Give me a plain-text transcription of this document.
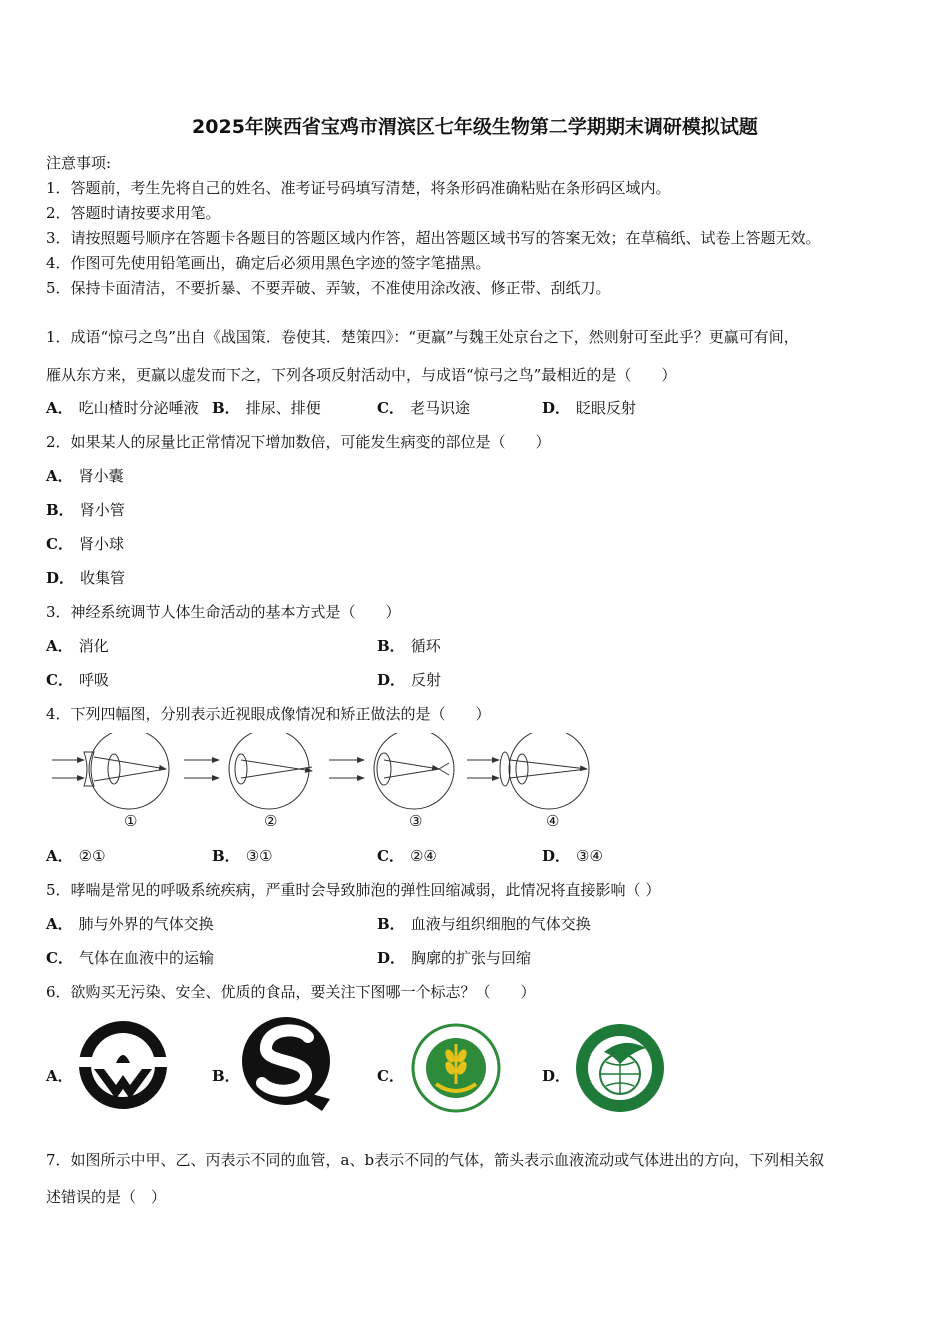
2025年陕西省宝鸡市渭滨区七年级生物第二学期期末调研模拟试题
注意事项:
1．答题前，考生先将自己的姓名、准考证号码填写清楚，将条形码准确粘贴在条形码区域内。
2．答题时请按要求用笔。
3．请按照题号顺序在答题卡各题目的答题区域内作答，超出答题区域书写的答案无效；在草稿纸、试卷上答题无效。
4．作图可先使用铅笔画出，确定后必须用黑色字迹的签字笔描黑。
5．保持卡面清洁，不要折暴、不要弄破、弄皱，不准使用涂改液、修正带、刮纸刀。
1．成语“惊弓之鸟”出自《战国策．卷使其．楚策四》：“更赢”与魏王处京台之下，然则射可至此乎？更赢可有间，
雁从东方来，更赢以虚发而下之，下列各项反射活动中，与成语“惊弓之鸟”最相近的是（　　）
A． 吃山楂时分泌唾液 B． 排尿、排便	C． 老马识途	D． 眨眼反射
2．如果某人的尿量比正常情况下增加数倍，可能发生病变的部位是（　　）
A． 肾小囊
B． 肾小管
C． 肾小球
D． 收集管
3．神经系统调节人体生命活动的基本方式是（　　）
A． 消化	B． 循环
C． 呼吸	D． 反射
4．下列四幅图，分别表示近视眼成像情况和矫正做法的是（　　）
①	②	③	④
A． ②①	B． ③①	C． ②④	D． ③④
5．哮喘是常见的呼吸系统疾病，严重时会导致肺泡的弹性回缩减弱，此情况将直接影响（ ）
A． 肺与外界的气体交换	B． 血液与组织细胞的气体交换
C． 气体在血液中的运输	D． 胸廓的扩张与回缩
6．欲购买无污染、安全、优质的食品，要关注下图哪一个标志？（　　）
A．	B．	C．	D．
7．如图所示中甲、乙、丙表示不同的血管，a、b表示不同的气体，箭头表示血液流动或气体进出的方向，下列相关叙
述错误的是（　）
